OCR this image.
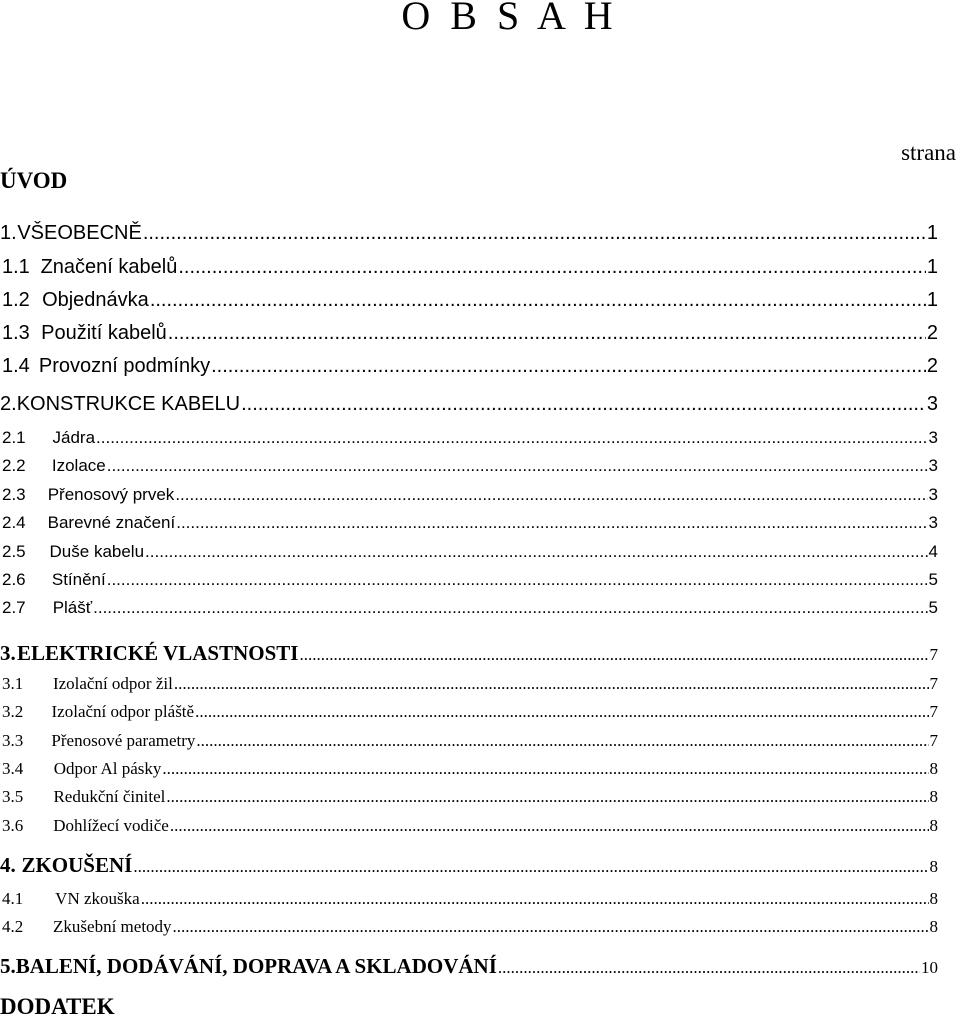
O B S A H
strana
ÚVOD
1. VŠEOBECNĚ .....	1
1.1 Značení kabelů .....	1
1.2 Objednávka .....	1
1.3 Použití kabelů .....	2
1.4 Provozní podmínky .....	2
2. KONSTRUKCE KABELU .....	3
2.1	Jádra .....	3
2.2	Izolace .....	3
2.3	Přenosový prvek .....	3
2.4	Barevné značení .....	3
2.5	Duše kabelu .....	4
2.6	Stínění .....	5
2.7	Plášť .....	5
3. ELEKTRICKÉ VLASTNOSTI .....	7
3.1	Izolační odpor žil .....	7
3.2	Izolační odpor pláště .....	7
3.3	Přenosové parametry .....	7
3.4	Odpor Al pásky .....	8
3.5	Redukční činitel .....	8
3.6	Dohlížecí vodiče .....	8
4. ZKOUŠENÍ .....	8
4.1	VN zkouška .....	8
4.2	Zkušební metody .....	8
5. BALENÍ, DODÁVÁNÍ, DOPRAVA A SKLADOVÁNÍ .....	10
DODATEK
